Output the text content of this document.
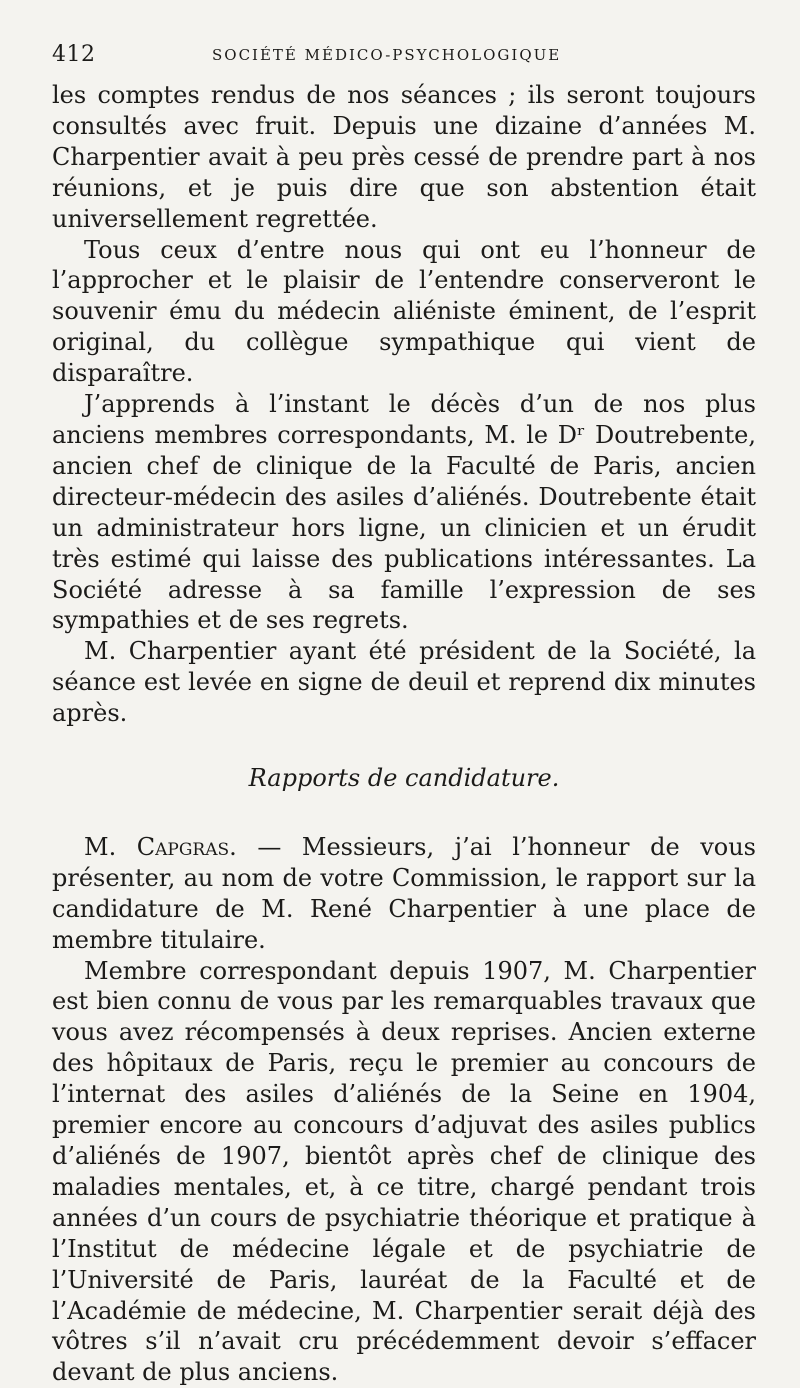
412	SOCIÉTÉ MÉDICO-PSYCHOLOGIQUE

les comptes rendus de nos séances ; ils seront toujours consultés avec fruit. Depuis une dizaine d’années M. Charpentier avait à peu près cessé de prendre part à nos réunions, et je puis dire que son abstention était universellement regrettée.

Tous ceux d’entre nous qui ont eu l’honneur de l’approcher et le plaisir de l’entendre conserveront le souvenir ému du médecin aliéniste éminent, de l’esprit original, du collègue sympathique qui vient de disparaître.

J’apprends à l’instant le décès d’un de nos plus anciens membres correspondants, M. le Dʳ Doutrebente, ancien chef de clinique de la Faculté de Paris, ancien directeur-médecin des asiles d’aliénés. Doutrebente était un administrateur hors ligne, un clinicien et un érudit très estimé qui laisse des publications intéressantes. La Société adresse à sa famille l’expression de ses sympathies et de ses regrets.

M. Charpentier ayant été président de la Société, la séance est levée en signe de deuil et reprend dix minutes après.

Rapports de candidature.

M. Capgras. — Messieurs, j’ai l’honneur de vous présenter, au nom de votre Commission, le rapport sur la candidature de M. René Charpentier à une place de membre titulaire.

Membre correspondant depuis 1907, M. Charpentier est bien connu de vous par les remarquables travaux que vous avez récompensés à deux reprises. Ancien externe des hôpitaux de Paris, reçu le premier au concours de l’internat des asiles d’aliénés de la Seine en 1904, premier encore au concours d’adjuvat des asiles publics d’aliénés de 1907, bientôt après chef de clinique des maladies mentales, et, à ce titre, chargé pendant trois années d’un cours de psychiatrie théorique et pratique à l’Institut de médecine légale et de psychiatrie de l’Université de Paris, lauréat de la Faculté et de l’Académie de médecine, M. Charpentier serait déjà des vôtres s’il n’avait cru précédemment devoir s’effacer devant de plus anciens.
